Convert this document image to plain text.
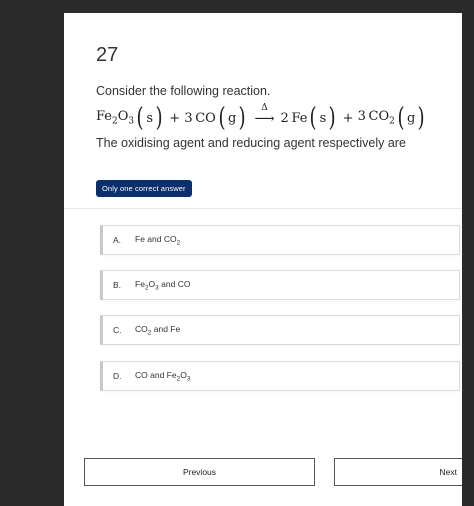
27
Consider the following reaction.
$Fe_2O_3$ ( s )
+
3  CO ( g ) Δ
⟶ 2  Fe ( s )
+
3  $CO_2$ ( g )
The oxidising agent and reducing agent respectively are
Only one correct answer
A.	Fe and $CO_2$
B.	$Fe_2O_3$ and CO
C.	$CO_2$ and Fe
D.	CO and $Fe_2O_3$
Previous	Next
